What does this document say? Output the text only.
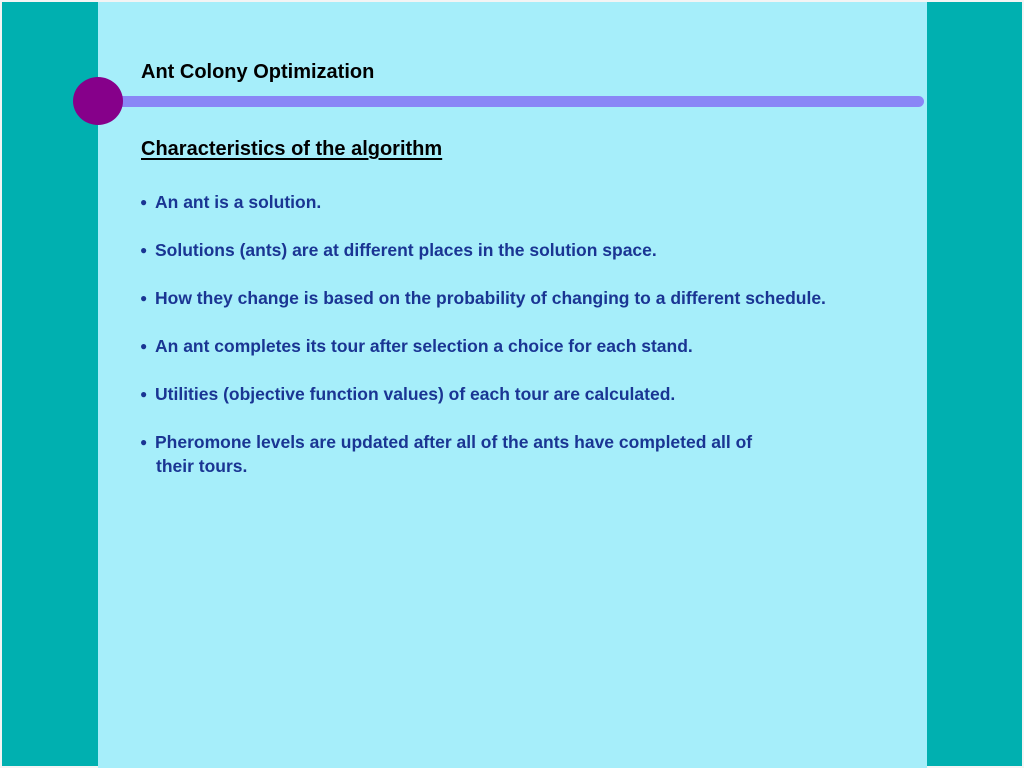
Ant Colony Optimization
Characteristics of the algorithm
● An ant is a solution.
● Solutions (ants) are at different places in the solution space.
● How they change is based on the probability of changing to a different schedule.
● An ant completes its tour after selection a choice for each stand.
● Utilities (objective function values) of each tour are calculated.
● Pheromone levels are updated after all of the ants have completed all of
their tours.
